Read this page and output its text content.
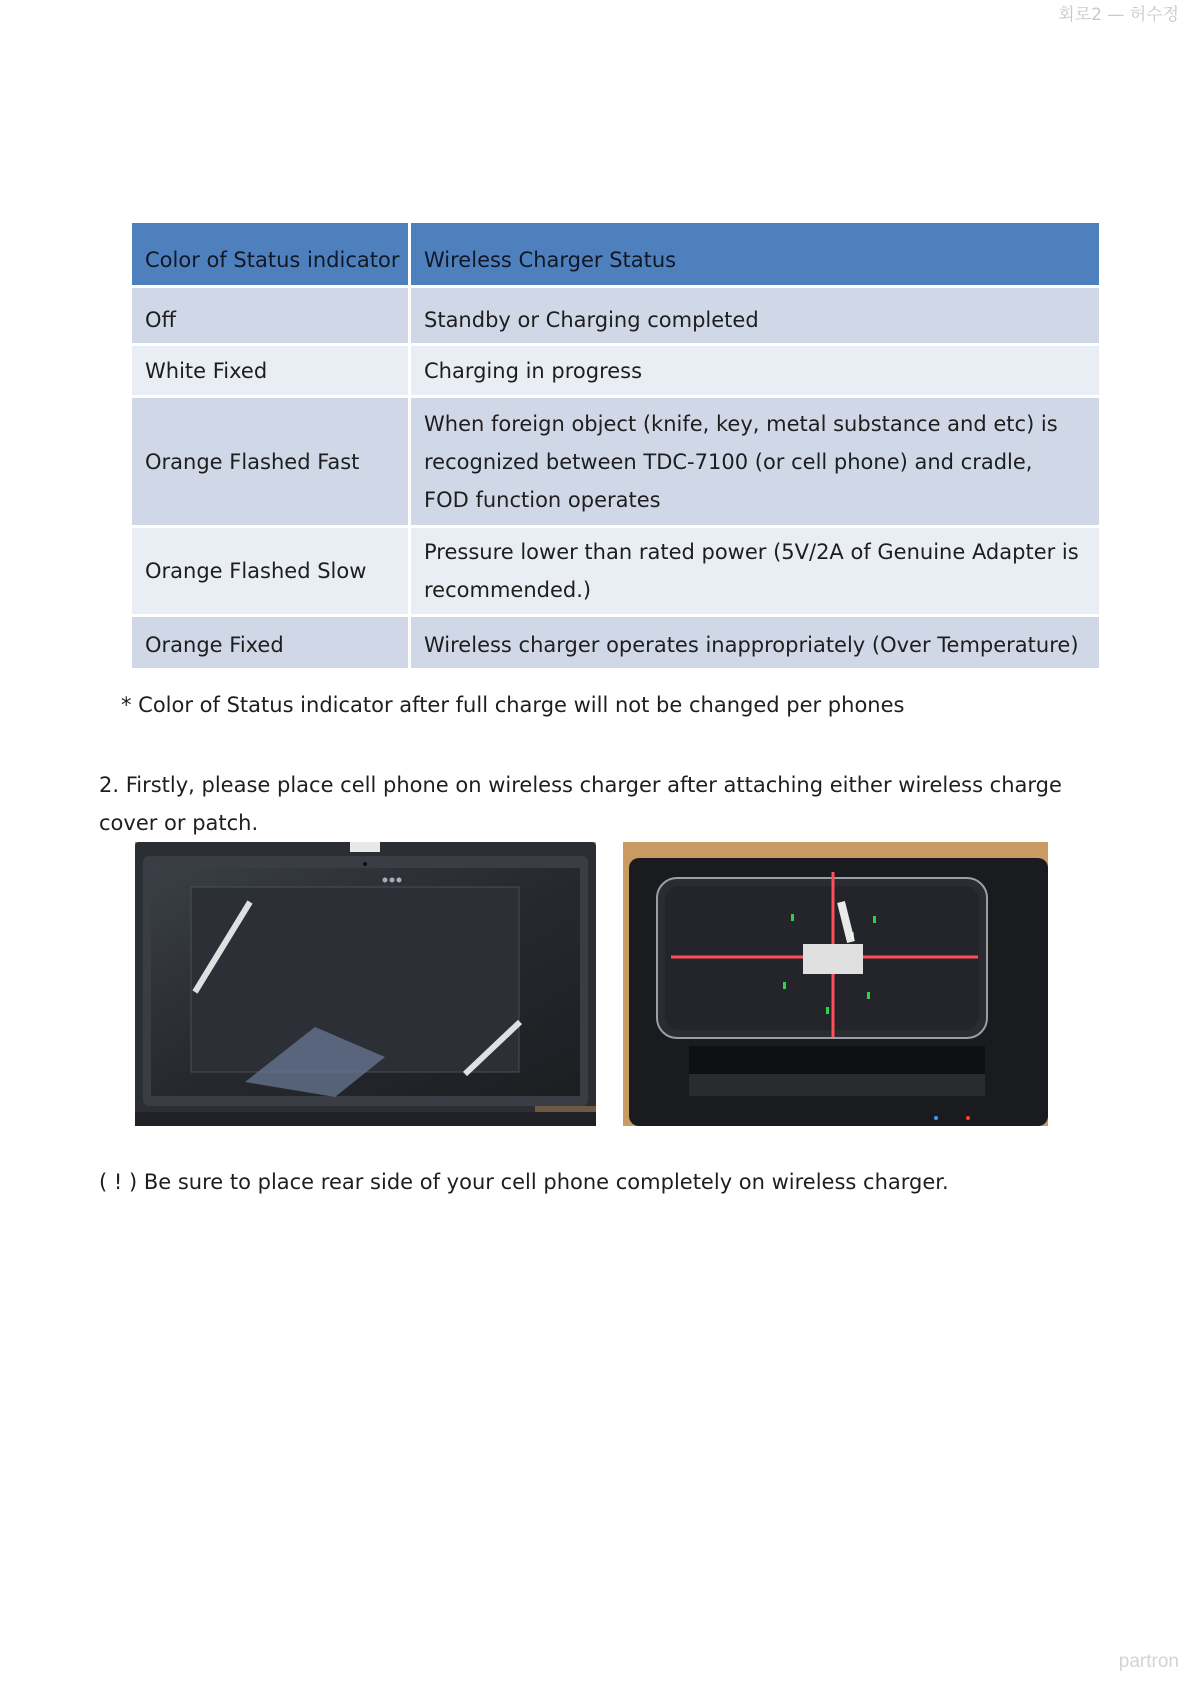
회로2 — 허수정
Color of Status indicator	Wireless Charger Status
Off	Standby or Charging completed
White Fixed	Charging in progress
Orange Flashed Fast	When foreign object (knife, key, metal substance and etc) is
recognized between TDC-7100 (or cell phone) and cradle,
FOD function operates
Orange Flashed Slow	Pressure lower than rated power (5V/2A of Genuine Adapter is
recommended.)
Orange Fixed	Wireless charger operates inappropriately (Over Temperature)

* Color of Status indicator after full charge will not be changed per phones

2. Firstly, please place cell phone on wireless charger after attaching either wireless charge cover or patch.

( ! ) Be sure to place rear side of your cell phone completely on wireless charger.

partron
